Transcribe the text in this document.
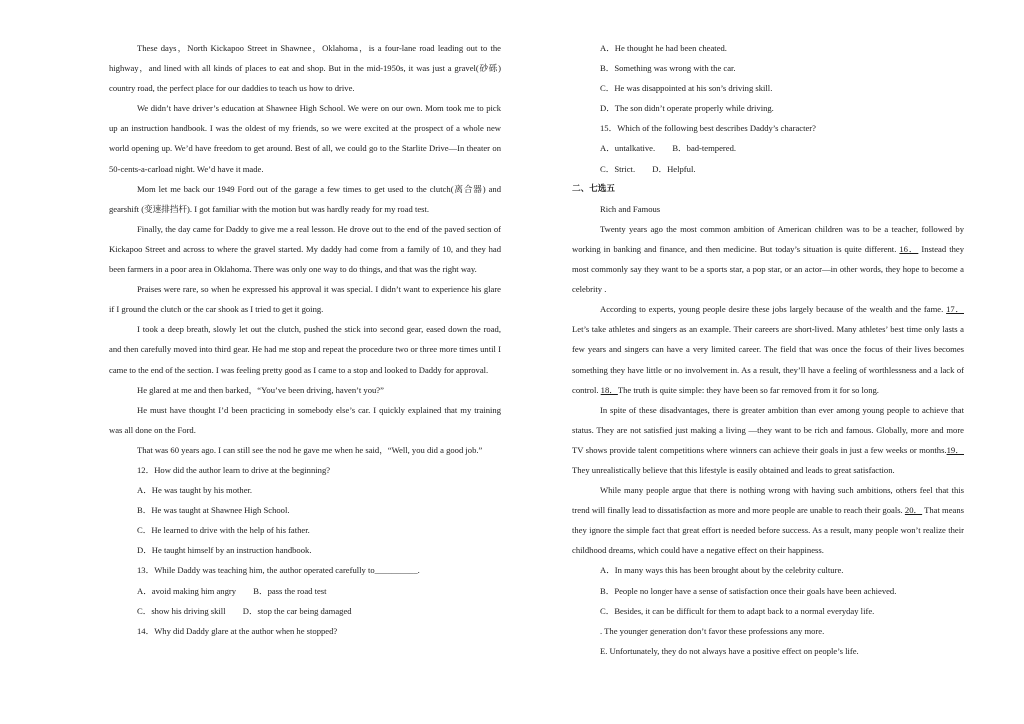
These days，North Kickapoo Street in Shawnee，Oklahoma，is a four-lane road leading out to the highway，and lined with all kinds of places to eat and shop. But in the mid-1950s, it was just a gravel(砂砾) country road, the perfect place for our daddies to teach us how to drive.

We didn’t have driver’s education at Shawnee High School. We were on our own. Mom took me to pick up an instruction handbook. I was the oldest of my friends, so we were excited at the prospect of a whole new world opening up. We’d have freedom to get around. Best of all, we could go to the Starlite Drive—In theater on 50-cents-a-carload night. We’d have it made.

Mom let me back our 1949 Ford out of the garage a few times to get used to the clutch(离合器) and gearshift (变速排挡杆). I got familiar with the motion but was hardly ready for my road test.

Finally, the day came for Daddy to give me a real lesson. He drove out to the end of the paved section of Kickapoo Street and across to where the gravel started. My daddy had come from a family of 10, and they had been farmers in a poor area in Oklahoma. There was only one way to do things, and that was the right way.

Praises were rare, so when he expressed his approval it was special. I didn’t want to experience his glare if I ground the clutch or the car shook as I tried to get it going.

I took a deep breath, slowly let out the clutch, pushed the stick into second gear, eased down the road, and then carefully moved into third gear. He had me stop and repeat the procedure two or three more times until I came to the end of the section. I was feeling pretty good as I came to a stop and looked to Daddy for approval.

He glared at me and then barked，“You’ve been driving, haven’t you?”

He must have thought I’d been practicing in somebody else’s car. I quickly explained that my training was all done on the Ford.

That was 60 years ago. I can still see the nod he gave me when he said，“Well, you did a good job.”

12．How did the author learn to drive at the beginning?

A．He was taught by his mother.

B．He was taught at Shawnee High School.

C．He learned to drive with the help of his father.

D．He taught himself by an instruction handbook.

13．While Daddy was teaching him, the author operated carefully to__________.

A．avoid making him angry　　B．pass the road test

C．show his driving skill　　D．stop the car being damaged

14．Why did Daddy glare at the author when he stopped?

A．He thought he had been cheated.

B．Something was wrong with the car.

C．He was disappointed at his son’s driving skill.

D．The son didn’t operate properly while driving.

15．Which of the following best describes Daddy’s character?

A．untalkative.　　B．bad-tempered.

C．Strict.　　D．Helpful.

二、七选五

Rich and Famous

Twenty years ago the most common ambition of American children was to be a teacher, followed by working in banking and finance, and then medicine. But today’s situation is quite different. 16． Instead they most commonly say they want to be a sports star, a pop star, or an actor—in other words, they hope to become a celebrity .

According to experts, young people desire these jobs largely because of the wealth and the fame. 17． Let’s take athletes and singers as an example. Their careers are short-lived. Many athletes’ best time only lasts a few years and singers can have a very limited career. The field that was once the focus of their lives becomes something they have little or no involvement in. As a result, they’ll have a feeling of worthlessness and a lack of control. 18．The truth is quite simple: they have been so far removed from it for so long.

In spite of these disadvantages, there is greater ambition than ever among young people to achieve that status. They are not satisfied just making a living —they want to be rich and famous. Globally, more and more TV shows provide talent competitions where winners can achieve their goals in just a few weeks or months.19． They unrealistically believe that this lifestyle is easily obtained and leads to great satisfaction.

While many people argue that there is nothing wrong with having such ambitions, others feel that this trend will finally lead to dissatisfaction as more and more people are unable to reach their goals. 20． That means they ignore the simple fact that great effort is needed before success. As a result, many people won’t realize their childhood dreams, which could have a negative effect on their happiness.

A．In many ways this has been brought about by the celebrity culture.

B．People no longer have a sense of satisfaction once their goals have been achieved.

C．Besides, it can be difficult for them to adapt back to a normal everyday life.

. The younger generation don’t favor these professions any more.

E. Unfortunately, they do not always have a positive effect on people’s life.
